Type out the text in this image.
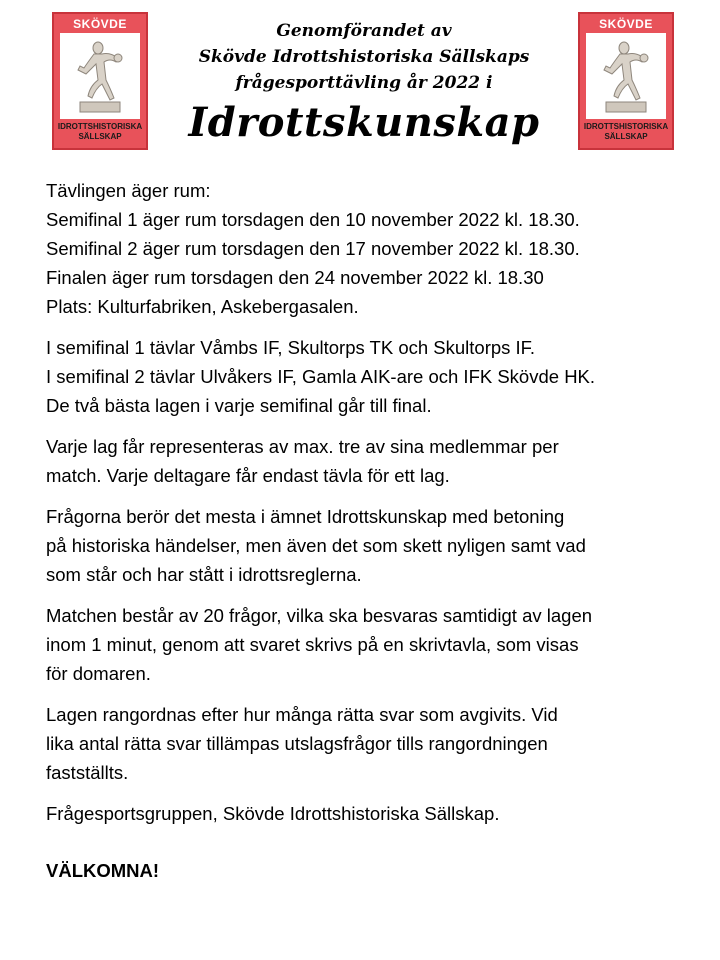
SKÖVDE
IDROTTSHISTORISKA
SÄLLSKAP
SKÖVDE
IDROTTSHISTORISKA
SÄLLSKAP
Genomförandet av
Skövde Idrottshistoriska Sällskaps
frågesporttävling år 2022 i
Idrottskunskap
Tävlingen äger rum:
Semifinal 1 äger rum torsdagen den 10 november 2022 kl. 18.30.
Semifinal 2 äger rum torsdagen den 17 november 2022 kl. 18.30.
Finalen äger rum torsdagen den 24 november 2022 kl. 18.30
Plats: Kulturfabriken, Askebergasalen.
I semifinal 1 tävlar Våmbs IF, Skultorps TK och Skultorps IF.
I semifinal 2 tävlar Ulvåkers IF, Gamla AIK-are och IFK Skövde HK.
De två bästa lagen i varje semifinal går till final.
Varje lag får representeras av max. tre av sina medlemmar per
match. Varje deltagare får endast tävla för ett lag.
Frågorna berör det mesta i ämnet Idrottskunskap med betoning
på historiska händelser, men även det som skett nyligen samt vad
som står och har stått i idrottsreglerna.
Matchen består av 20 frågor, vilka ska besvaras samtidigt av lagen
inom 1 minut, genom att svaret skrivs på en skrivtavla, som visas
för domaren.
Lagen rangordnas efter hur många rätta svar som avgivits. Vid
lika antal rätta svar tillämpas utslagsfrågor tills rangordningen
fastställts.
Frågesportsgruppen, Skövde Idrottshistoriska Sällskap.
VÄLKOMNA!
